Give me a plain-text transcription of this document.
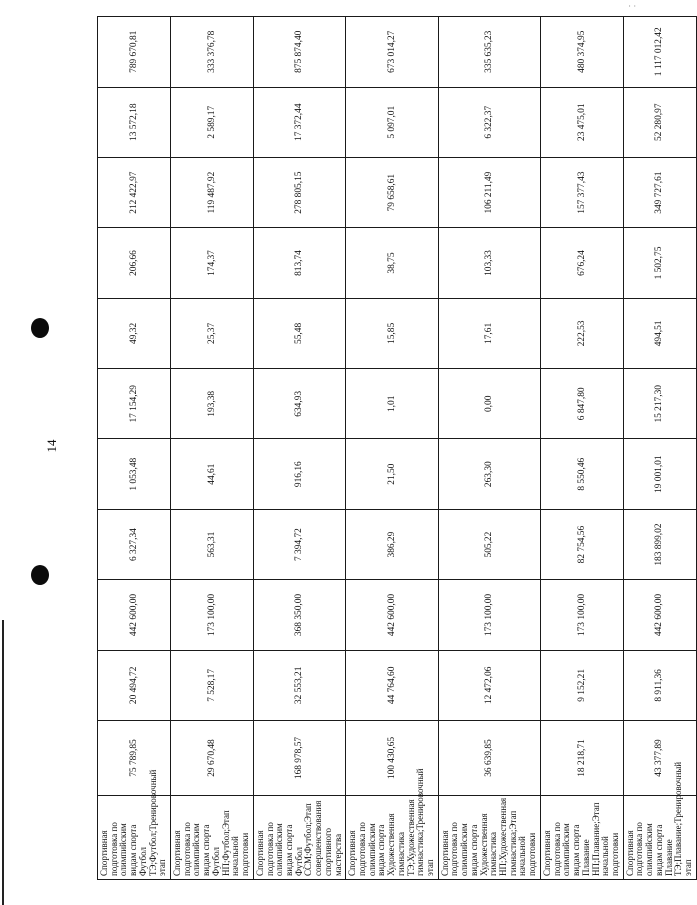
· ·
14
Спортивная подготовка по олимпийским видам спорта Футбол ТЭ;Футбол;Тренировочный этап	75 789,85	20 494,72	442 600,00	6 327,34	1 053,48	17 154,29	49,32	206,66	212 422,97	13 572,18	789 670,81
Спортивная подготовка по олимпийским видам спорта Футбол НП;Футбол;Этап начальной подготовки	29 670,48	7 528,17	173 100,00	563,31	44,61	193,38	25,37	174,37	119 487,92	2 589,17	333 376,78
Спортивная подготовка по олимпийским видам спорта Футбол ССМ;Футбол;Этап совершенствования спортивного мастерства	168 978,57	32 553,21	368 350,00	7 394,72	916,16	634,93	55,48	813,74	278 805,15	17 372,44	875 874,40
Спортивная подготовка по олимпийским видам спорта Художественная гимнастика ТЭ;Художественная гимнастика;Тренировочный этап	100 430,65	44 764,60	442 600,00	386,29	21,50	1,01	15,85	38,75	79 658,61	5 097,01	673 014,27
Спортивная подготовка по олимпийским видам спорта Художественная гимнастика НП;Художественная гимнастика;Этап начальной подготовки	36 639,85	12 472,06	173 100,00	505,22	263,30	0,00	17,61	103,33	106 211,49	6 322,37	335 635,23
Спортивная подготовка по олимпийским видам спорта Плавание НП;Плавание;Этап начальной подготовки	18 218,71	9 152,21	173 100,00	82 754,56	8 550,46	6 847,80	222,53	676,24	157 377,43	23 475,01	480 374,95
Спортивная подготовка по олимпийским видам спорта Плавание ТЭ;Плавание;Тренировочный этап	43 377,89	8 911,36	442 600,00	183 899,02	19 001,01	15 217,30	494,51	1 502,75	349 727,61	52 280,97	1 117 012,42
